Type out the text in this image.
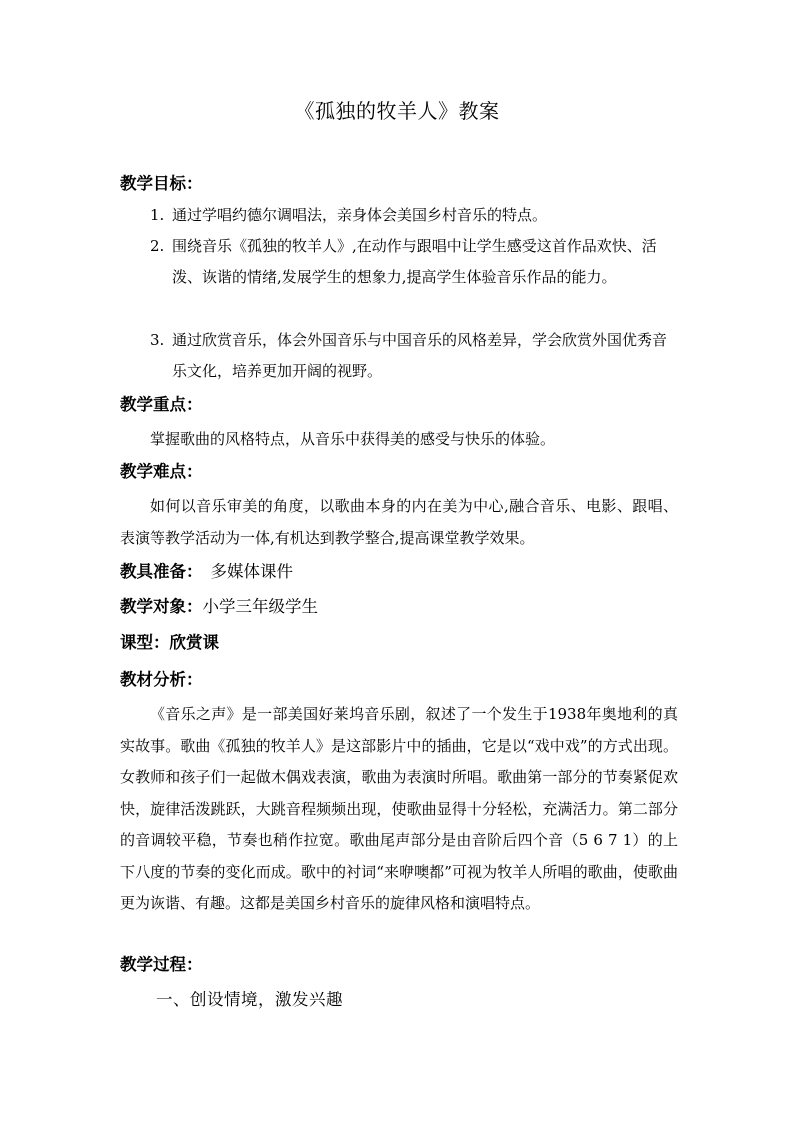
《孤独的牧羊人》教案
教学目标：
1. 通过学唱约德尔调唱法，亲身体会美国乡村音乐的特点。
2. 围绕音乐《孤独的牧羊人》,在动作与跟唱中让学生感受这首作品欢快、活泼、诙谐的情绪,发展学生的想象力,提高学生体验音乐作品的能力。
3. 通过欣赏音乐，体会外国音乐与中国音乐的风格差异，学会欣赏外国优秀音乐文化，培养更加开阔的视野。
教学重点：
掌握歌曲的风格特点，从音乐中获得美的感受与快乐的体验。
教学难点：
如何以音乐审美的角度，以歌曲本身的内在美为中心,融合音乐、电影、跟唱、表演等教学活动为一体,有机达到教学整合,提高课堂教学效果。
教具准备： 多媒体课件
教学对象：小学三年级学生
课型：欣赏课
教材分析：
《音乐之声》是一部美国好莱坞音乐剧，叙述了一个发生于1938年奥地利的真实故事。歌曲《孤独的牧羊人》是这部影片中的插曲，它是以“戏中戏”的方式出现。女教师和孩子们一起做木偶戏表演，歌曲为表演时所唱。歌曲第一部分的节奏紧促欢快，旋律活泼跳跃，大跳音程频频出现，使歌曲显得十分轻松，充满活力。第二部分的音调较平稳，节奏也稍作拉宽。歌曲尾声部分是由音阶后四个音（5 6 7 1）的上下八度的节奏的变化而成。歌中的衬词“来咿噢都”可视为牧羊人所唱的歌曲，使歌曲更为诙谐、有趣。这都是美国乡村音乐的旋律风格和演唱特点。
教学过程：
一、创设情境，激发兴趣
